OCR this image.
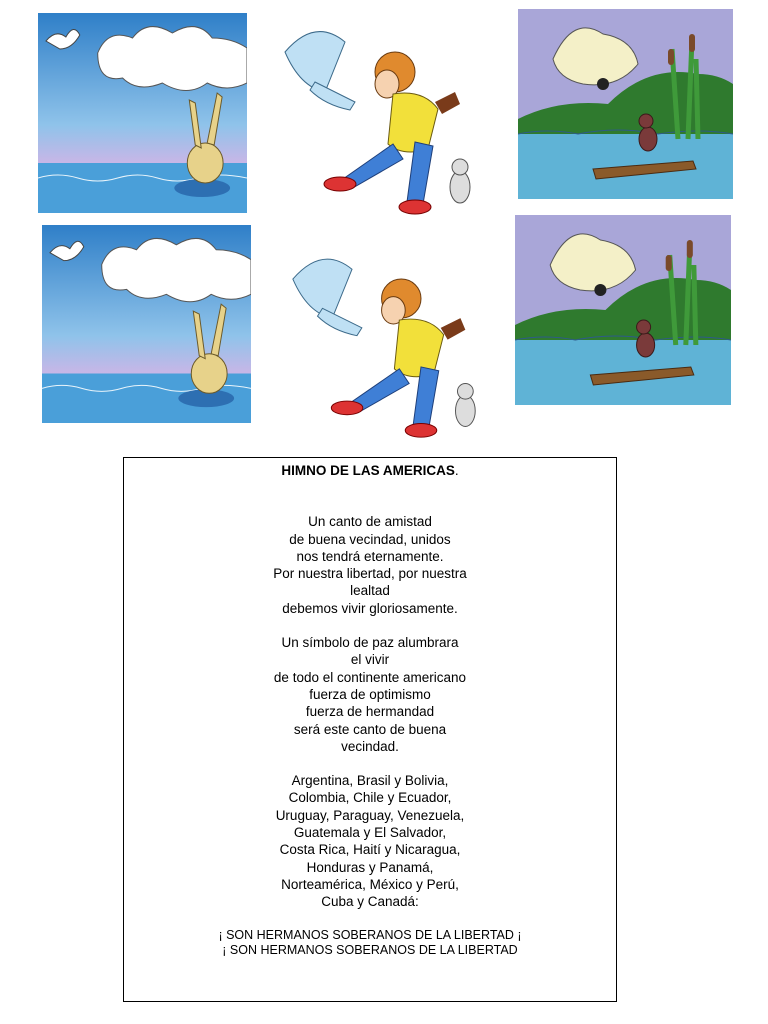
HIMNO DE LAS AMERICAS.
Un canto de amistad
de buena vecindad, unidos
nos tendrá eternamente.
Por nuestra libertad, por nuestra
lealtad
debemos vivir gloriosamente.
Un símbolo de paz alumbrara
el vivir
de todo el continente americano
fuerza de optimismo
fuerza de hermandad
será este canto de buena
vecindad.
Argentina, Brasil y Bolivia,
Colombia, Chile y Ecuador,
Uruguay, Paraguay, Venezuela,
Guatemala y El Salvador,
Costa Rica, Haití y Nicaragua,
Honduras y Panamá,
Norteamérica, México y Perú,
Cuba y Canadá:
¡ SON HERMANOS SOBERANOS DE LA LIBERTAD ¡
¡ SON HERMANOS SOBERANOS DE LA LIBERTAD
